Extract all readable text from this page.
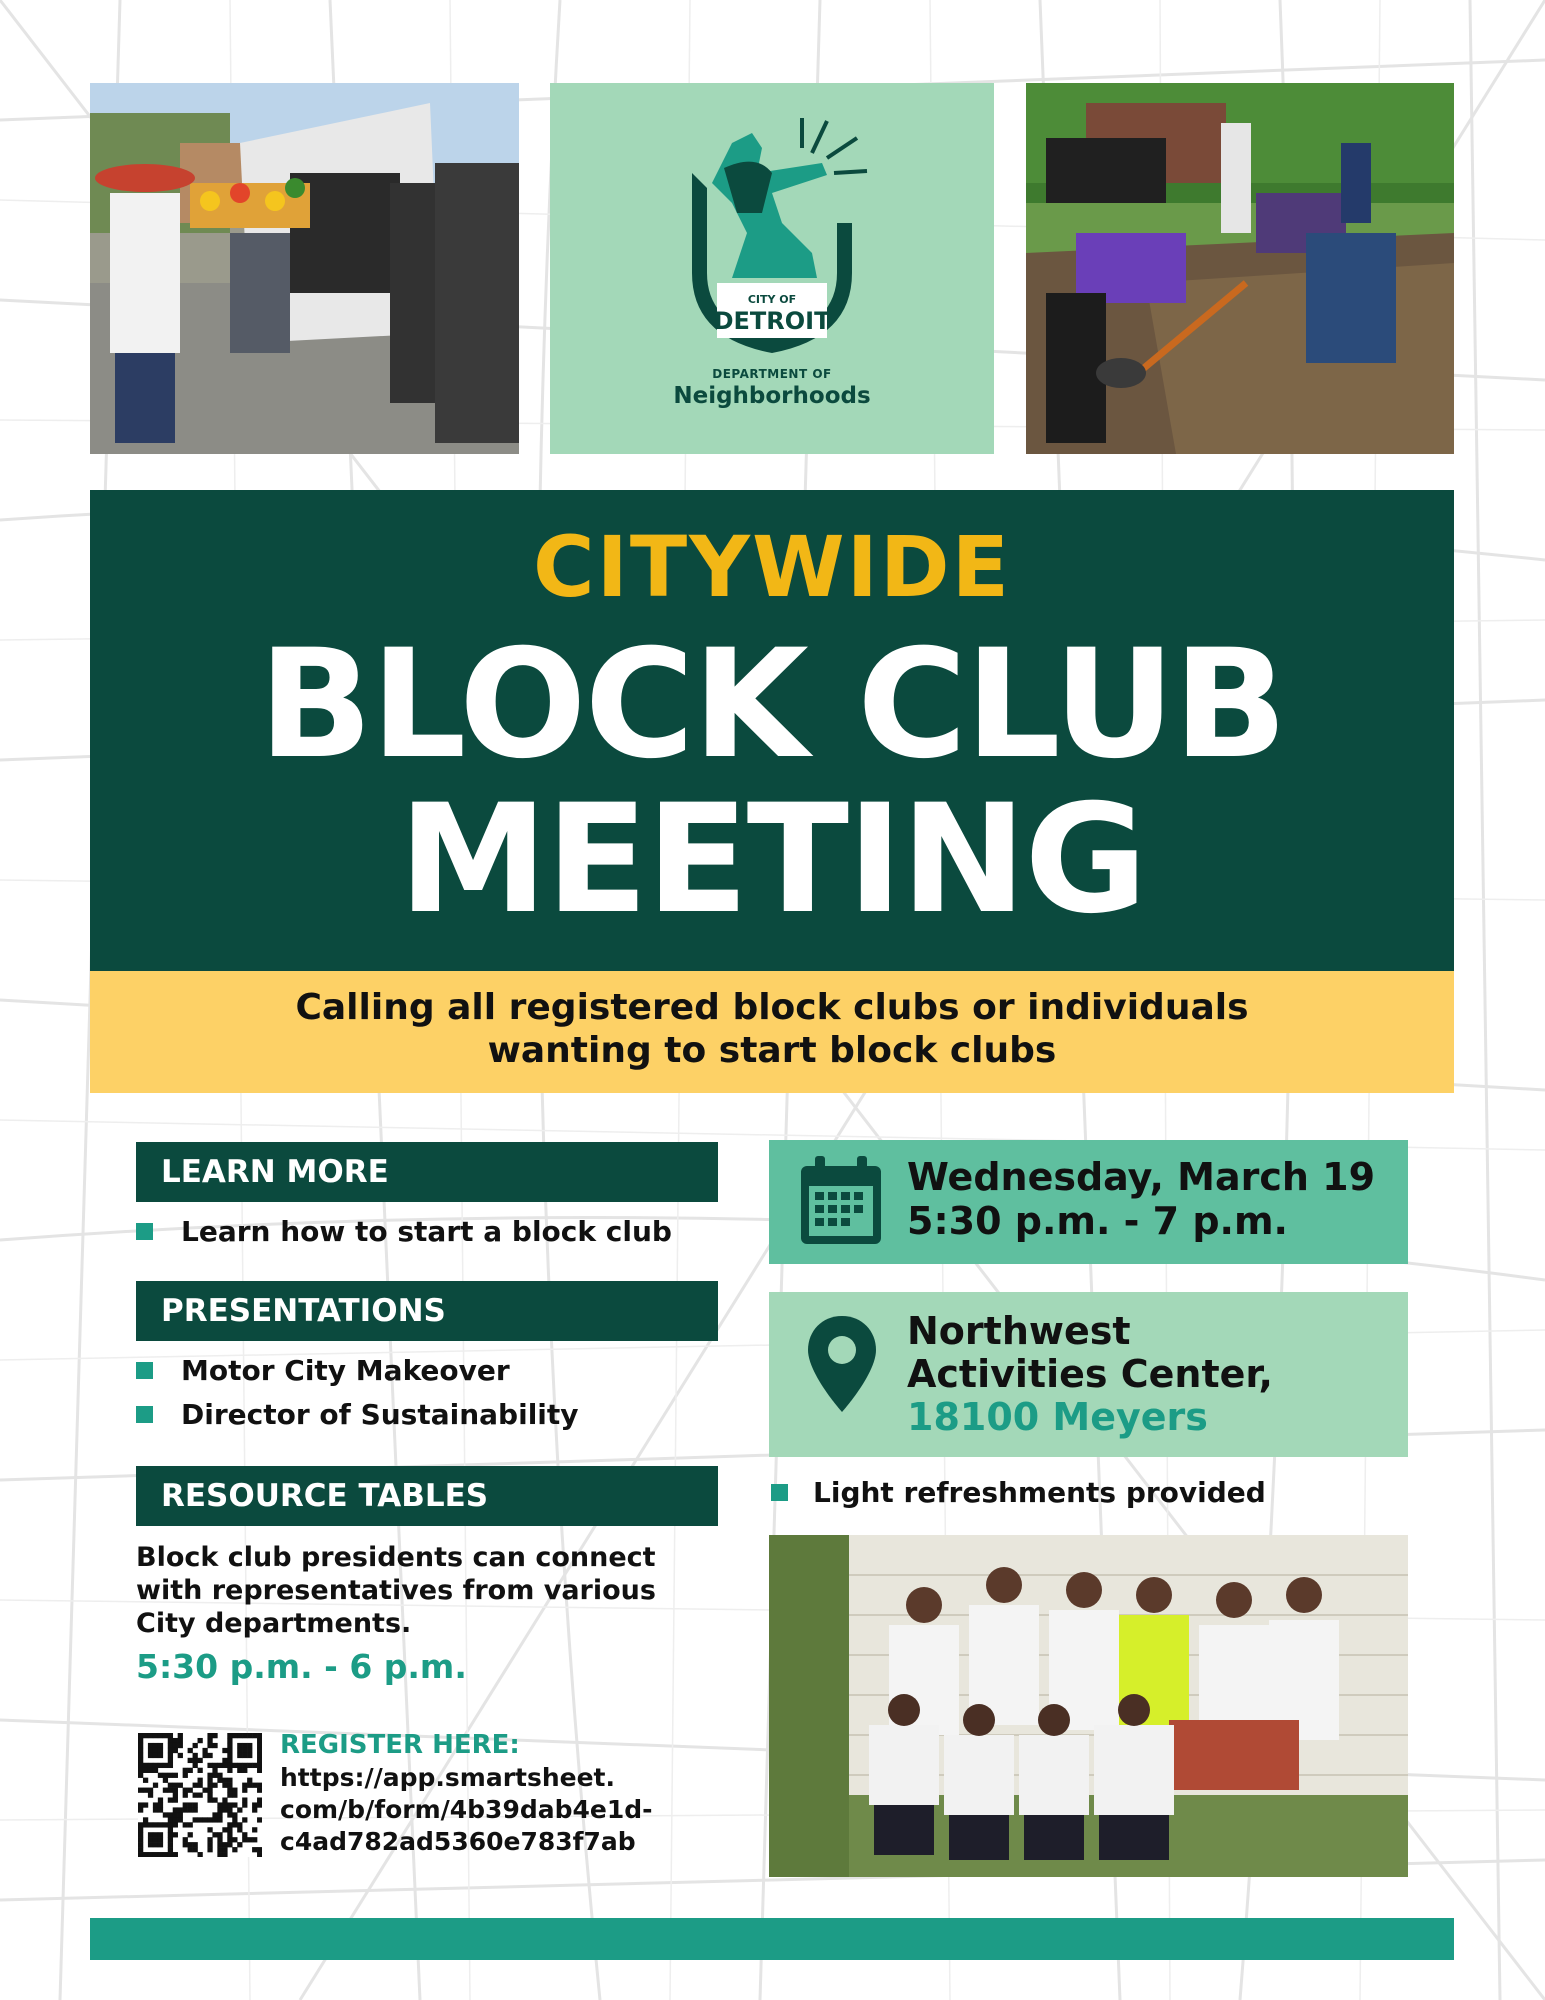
CITY OF
DETROIT
DEPARTMENT OF
Neighborhoods
CITYWIDE
BLOCK CLUB
MEETING
Calling all registered block clubs or individuals
wanting to start block clubs
LEARN MORE
Learn how to start a block club
PRESENTATIONS
Motor City Makeover
Director of Sustainability
RESOURCE TABLES
Block club presidents can connect
with representatives from various
City departments.
5:30 p.m. - 6 p.m.
REGISTER HERE:
https://app.smartsheet.
com/b/form/4b39dab4e1d-
c4ad782ad5360e783f7ab
Wednesday, March 19
5:30 p.m. - 7 p.m.
Northwest
Activities Center,
18100 Meyers
Light refreshments provided
